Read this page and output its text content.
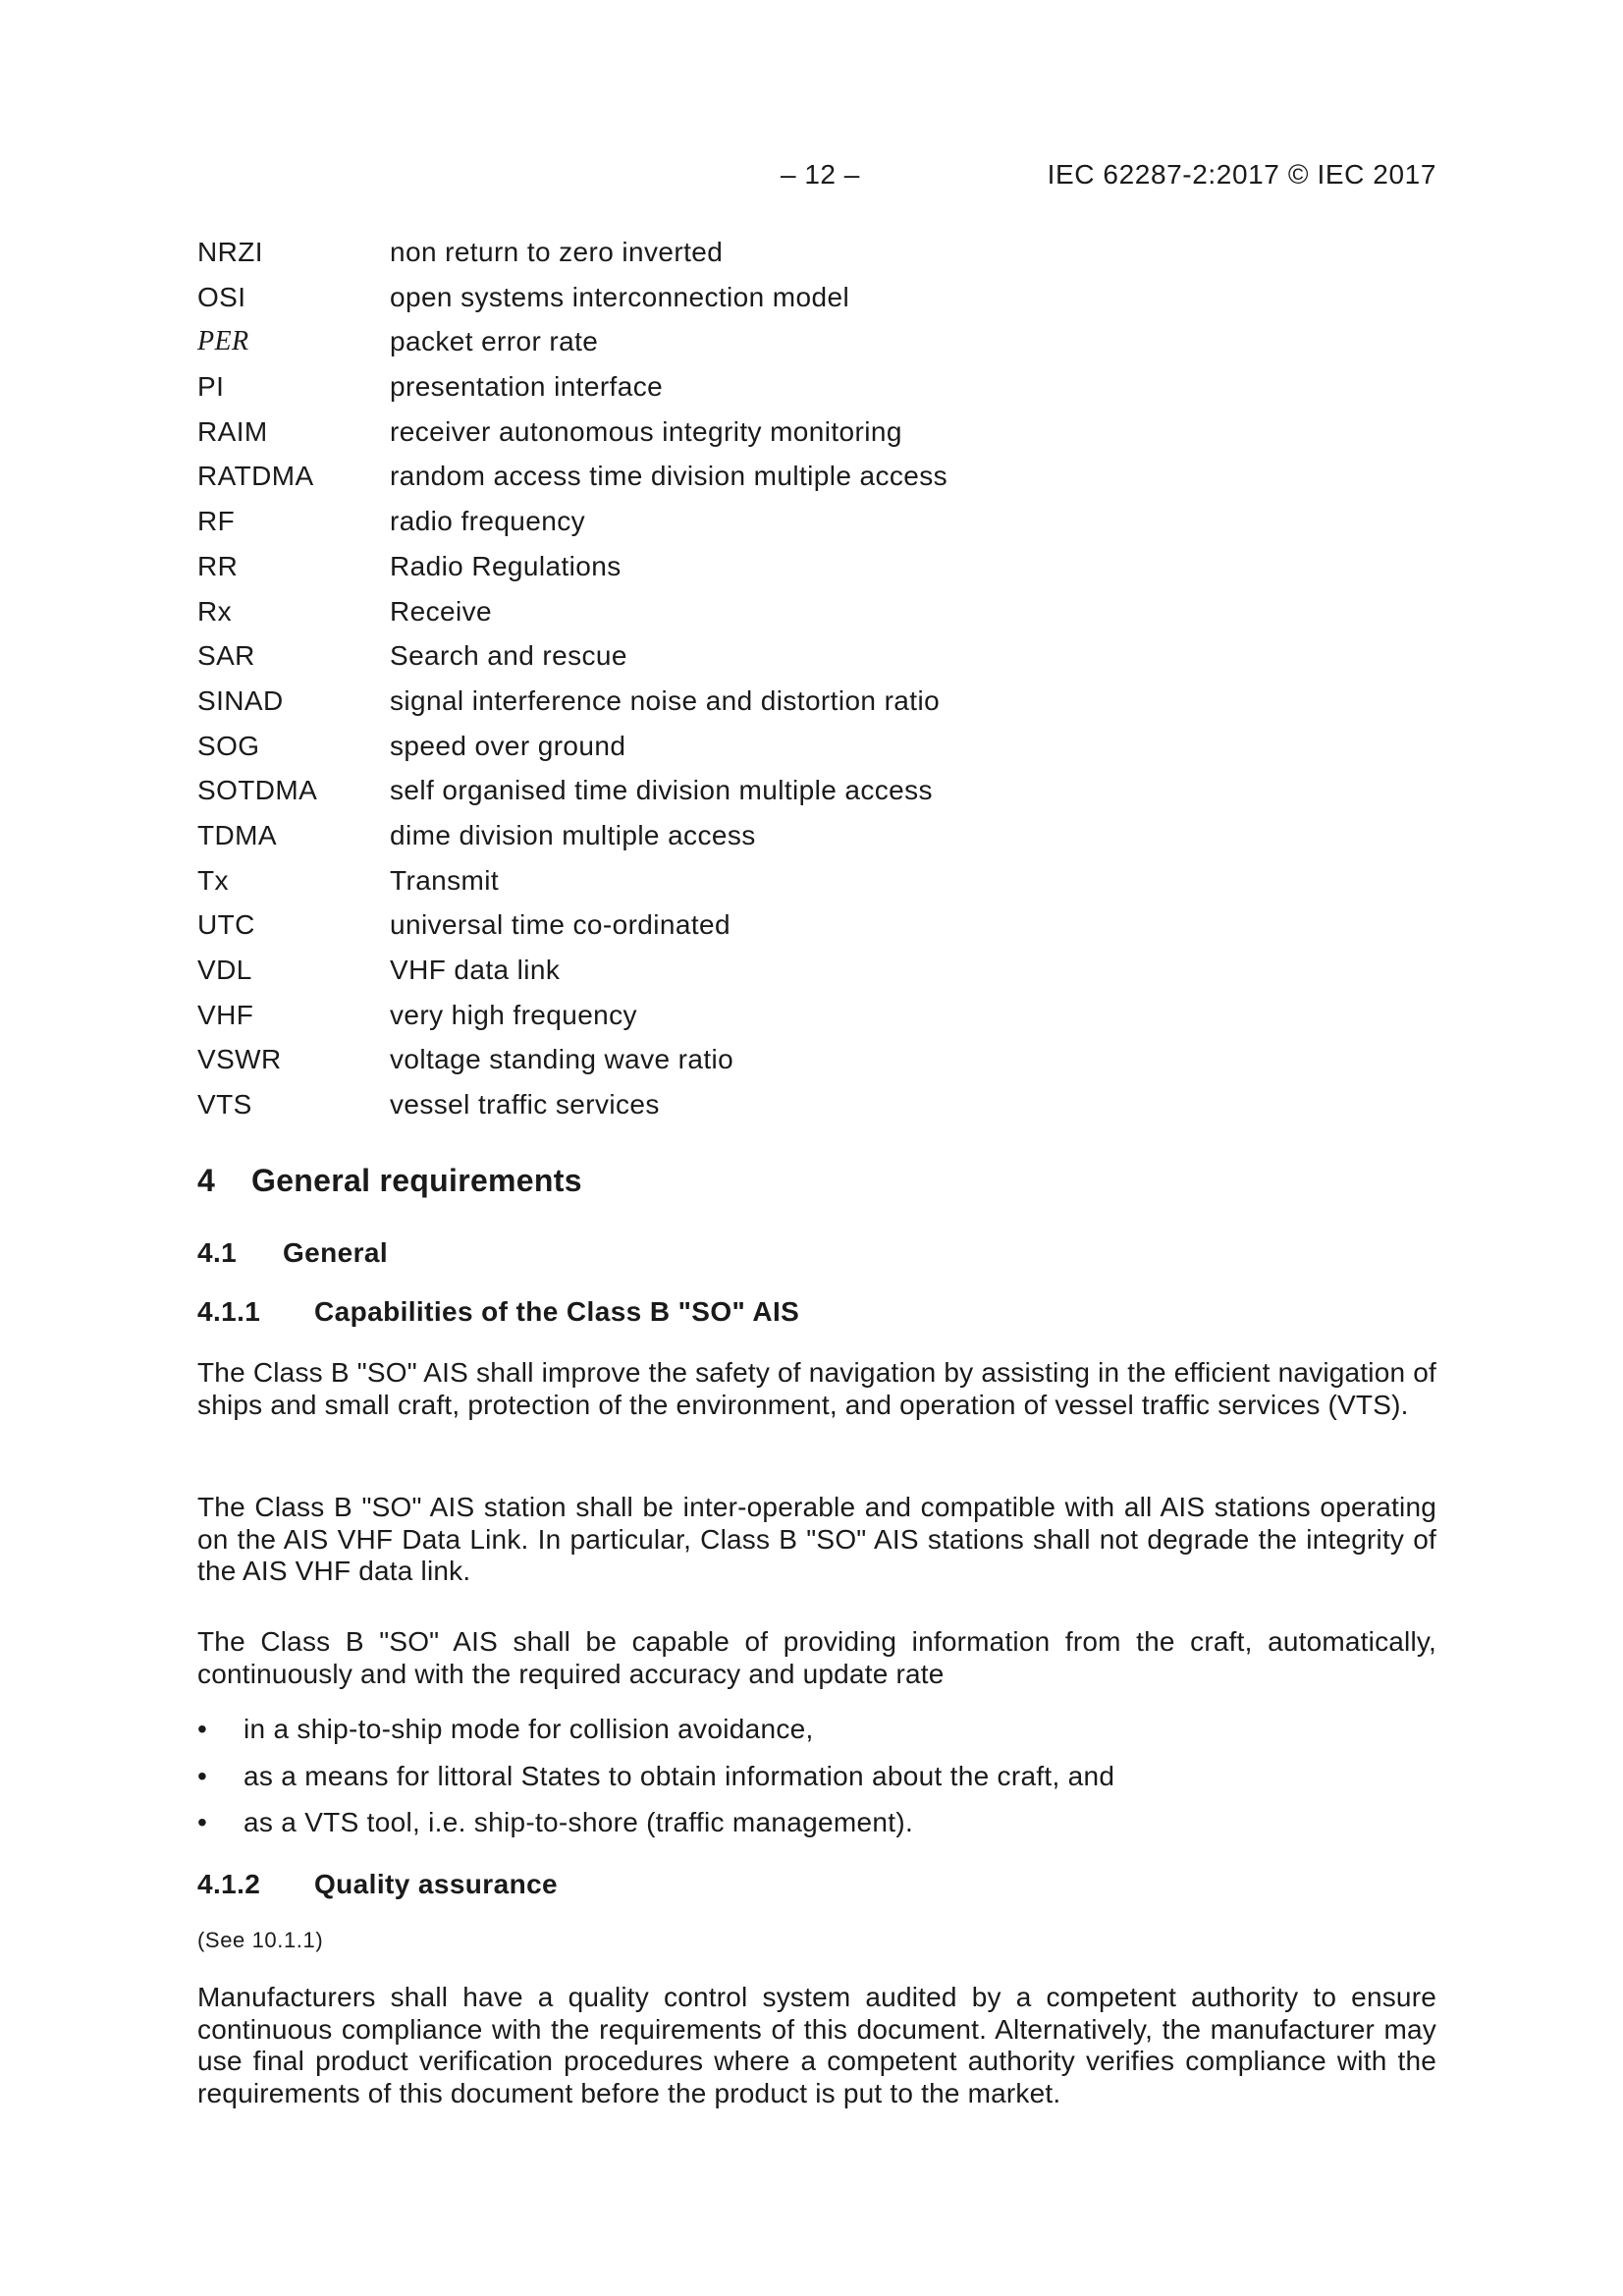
– 12 –	IEC 62287-2:2017 © IEC 2017
NRZI	non return to zero inverted
OSI	open systems interconnection model
PER	packet error rate
PI	presentation interface
RAIM	receiver autonomous integrity monitoring
RATDMA	random access time division multiple access
RF	radio frequency
RR	Radio Regulations
Rx	Receive
SAR	Search and rescue
SINAD	signal interference noise and distortion ratio
SOG	speed over ground
SOTDMA	self organised time division multiple access
TDMA	dime division multiple access
Tx	Transmit
UTC	universal time co-ordinated
VDL	VHF data link
VHF	very high frequency
VSWR	voltage standing wave ratio
VTS	vessel traffic services
4 General requirements
4.1 General
4.1.1 Capabilities of the Class B "SO" AIS
The Class B "SO" AIS shall improve the safety of navigation by assisting in the efficient navigation of ships and small craft, protection of the environment, and operation of vessel traffic services (VTS).
The Class B "SO" AIS station shall be inter-operable and compatible with all AIS stations operating on the AIS VHF Data Link. In particular, Class B "SO" AIS stations shall not degrade the integrity of the AIS VHF data link.
The Class B "SO" AIS shall be capable of providing information from the craft, automatically, continuously and with the required accuracy and update rate
•	in a ship-to-ship mode for collision avoidance,
•	as a means for littoral States to obtain information about the craft, and
•	as a VTS tool, i.e. ship-to-shore (traffic management).
4.1.2 Quality assurance
(See 10.1.1)
Manufacturers shall have a quality control system audited by a competent authority to ensure continuous compliance with the requirements of this document. Alternatively, the manufacturer may use final product verification procedures where a competent authority verifies compliance with the requirements of this document before the product is put to the market.
